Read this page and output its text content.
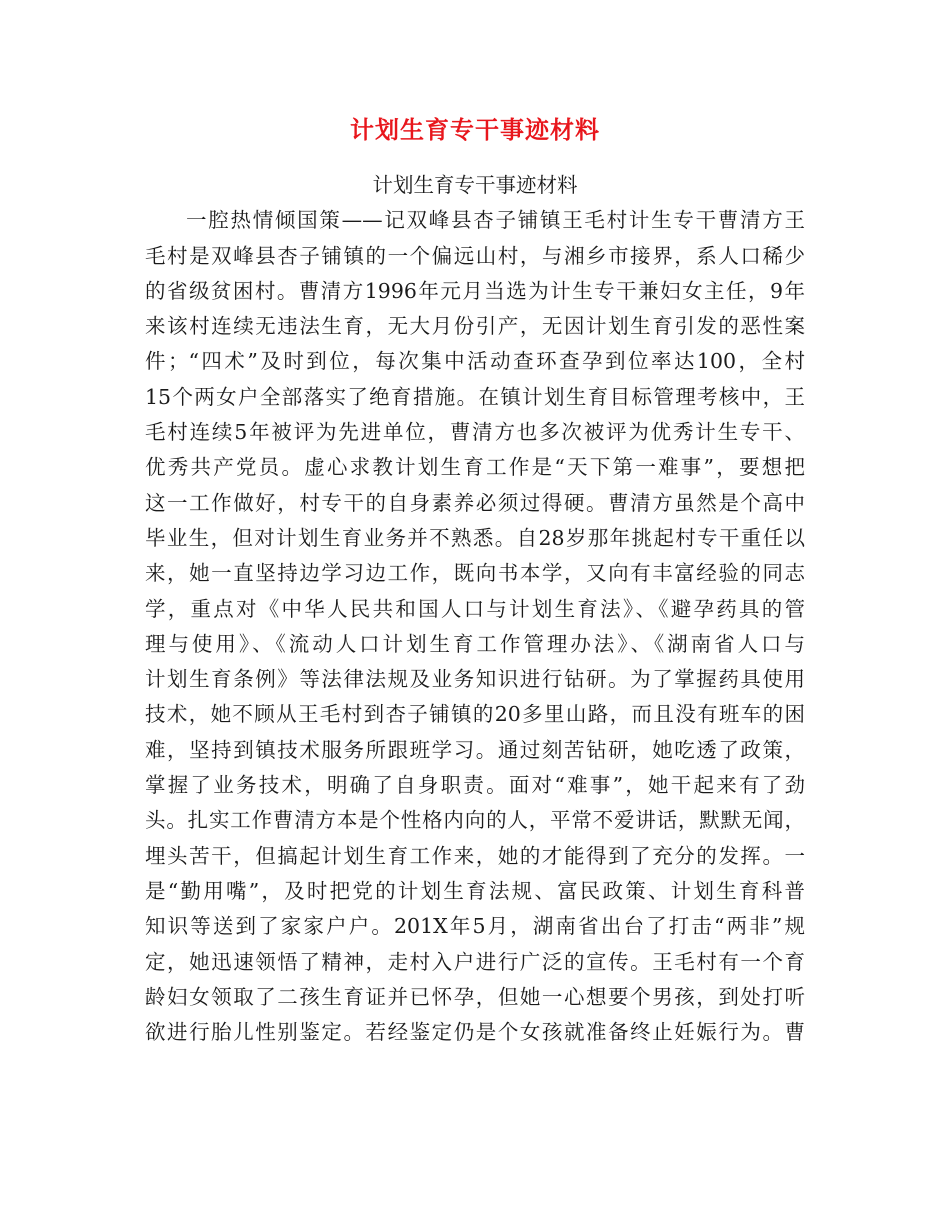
计划生育专干事迹材料
计划生育专干事迹材料
一腔热情倾国策——记双峰县杏子铺镇王毛村计生专干曹清方王
毛村是双峰县杏子铺镇的一个偏远山村，与湘乡市接界，系人口稀少
的省级贫困村。曹清方1996年元月当选为计生专干兼妇女主任，9年
来该村连续无违法生育，无大月份引产，无因计划生育引发的恶性案
件；“四术”及时到位，每次集中活动查环查孕到位率达100，全村
15个两女户全部落实了绝育措施。在镇计划生育目标管理考核中，王
毛村连续5年被评为先进单位，曹清方也多次被评为优秀计生专干、
优秀共产党员。虚心求教计划生育工作是“天下第一难事”，要想把
这一工作做好，村专干的自身素养必须过得硬。曹清方虽然是个高中
毕业生，但对计划生育业务并不熟悉。自28岁那年挑起村专干重任以
来，她一直坚持边学习边工作，既向书本学，又向有丰富经验的同志
学，重点对《中华人民共和国人口与计划生育法》、《避孕药具的管
理与使用》、《流动人口计划生育工作管理办法》、《湖南省人口与
计划生育条例》等法律法规及业务知识进行钻研。为了掌握药具使用
技术，她不顾从王毛村到杏子铺镇的20多里山路，而且没有班车的困
难，坚持到镇技术服务所跟班学习。通过刻苦钻研，她吃透了政策，
掌握了业务技术，明确了自身职责。面对“难事”，她干起来有了劲
头。扎实工作曹清方本是个性格内向的人，平常不爱讲话，默默无闻，
埋头苦干，但搞起计划生育工作来，她的才能得到了充分的发挥。一
是“勤用嘴”，及时把党的计划生育法规、富民政策、计划生育科普
知识等送到了家家户户。201X年5月，湖南省出台了打击“两非”规
定，她迅速领悟了精神，走村入户进行广泛的宣传。王毛村有一个育
龄妇女领取了二孩生育证并已怀孕，但她一心想要个男孩，到处打听
欲进行胎儿性别鉴定。若经鉴定仍是个女孩就准备终止妊娠行为。曹
